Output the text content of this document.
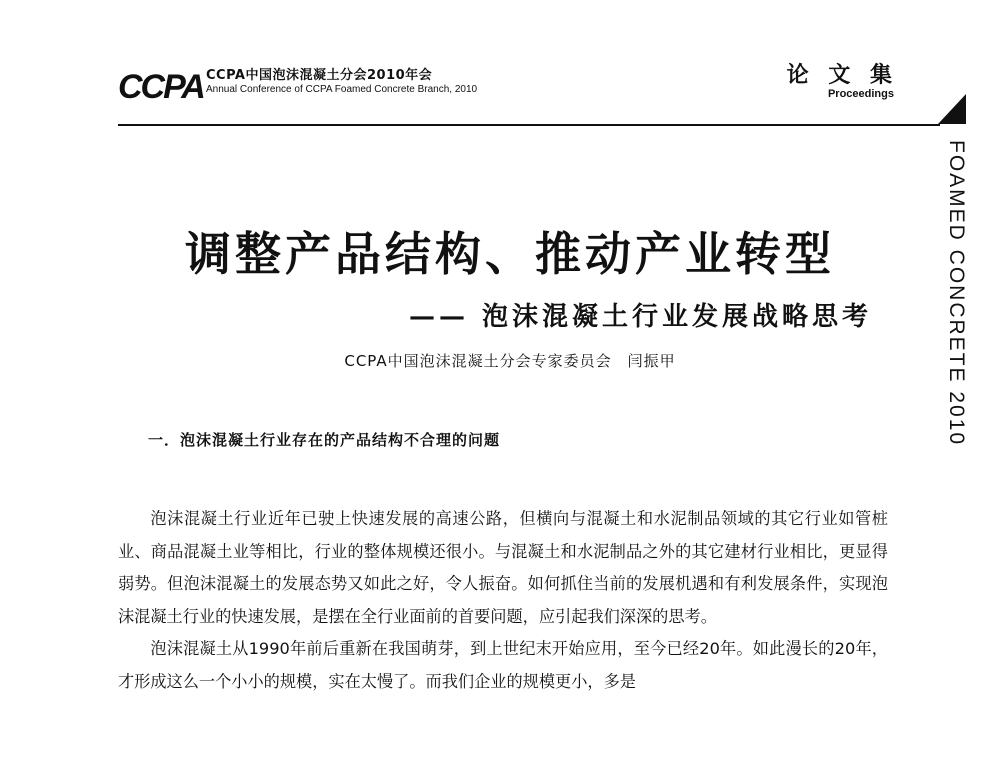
CCPA CCPA中国泡沫混凝土分会2010年会
Annual Conference of CCPA Foamed Concrete Branch, 2010
论 文 集
Proceedings
FOAMED CONCRETE 2010
调整产品结构、推动产业转型
—— 泡沫混凝土行业发展战略思考
CCPA中国泡沫混凝土分会专家委员会　闫振甲
一．泡沫混凝土行业存在的产品结构不合理的问题

泡沫混凝土行业近年已驶上快速发展的高速公路，但横向与混凝土和水泥制品领域的其它行业如管桩业、商品混凝土业等相比，行业的整体规模还很小。与混凝土和水泥制品之外的其它建材行业相比，更显得弱势。但泡沫混凝土的发展态势又如此之好，令人振奋。如何抓住当前的发展机遇和有利发展条件，实现泡沫混凝土行业的快速发展，是摆在全行业面前的首要问题，应引起我们深深的思考。

泡沫混凝土从1990年前后重新在我国萌芽，到上世纪末开始应用，至今已经20年。如此漫长的20年，才形成这么一个小小的规模，实在太慢了。而我们企业的规模更小，多是
